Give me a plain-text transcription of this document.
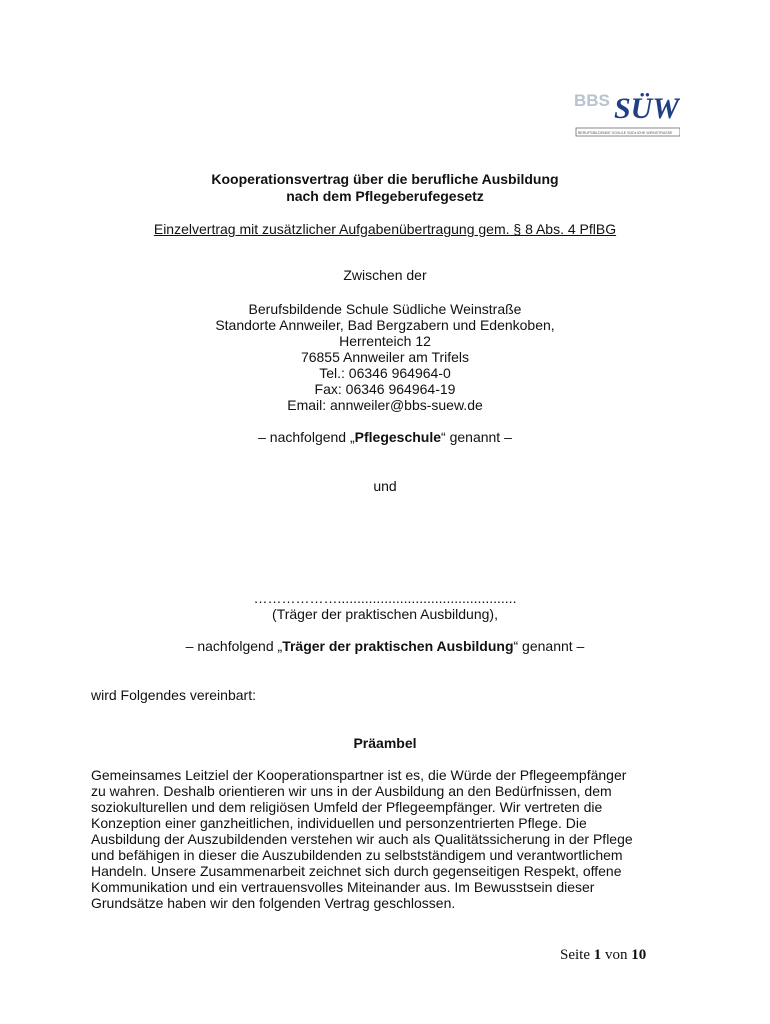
BBS SÜW
BERUFSBILDENDE SCHULE SÜDLICHE WEINSTRASSE
Kooperationsvertrag über die berufliche Ausbildung
nach dem Pflegeberufegesetz
Einzelvertrag mit zusätzlicher Aufgabenübertragung gem. § 8 Abs. 4 PflBG
Zwischen der
Berufsbildende Schule Südliche Weinstraße
Standorte Annweiler, Bad Bergzabern und Edenkoben,
Herrenteich 12
76855 Annweiler am Trifels
Tel.: 06346 964964-0
Fax: 06346 964964-19
Email: annweiler@bbs-suew.de
– nachfolgend „Pflegeschule“ genannt –
und
………………..............................................
(Träger der praktischen Ausbildung),
– nachfolgend „Träger der praktischen Ausbildung“ genannt –
wird Folgendes vereinbart:
Präambel
Gemeinsames Leitziel der Kooperationspartner ist es, die Würde der Pflegeempfänger
zu wahren. Deshalb orientieren wir uns in der Ausbildung an den Bedürfnissen, dem
soziokulturellen und dem religiösen Umfeld der Pflegeempfänger. Wir vertreten die
Konzeption einer ganzheitlichen, individuellen und personzentrierten Pflege. Die
Ausbildung der Auszubildenden verstehen wir auch als Qualitätssicherung in der Pflege
und befähigen in dieser die Auszubildenden zu selbstständigem und verantwortlichem
Handeln. Unsere Zusammenarbeit zeichnet sich durch gegenseitigen Respekt, offene
Kommunikation und ein vertrauensvolles Miteinander aus. Im Bewusstsein dieser
Grundsätze haben wir den folgenden Vertrag geschlossen.
Seite 1 von 10
